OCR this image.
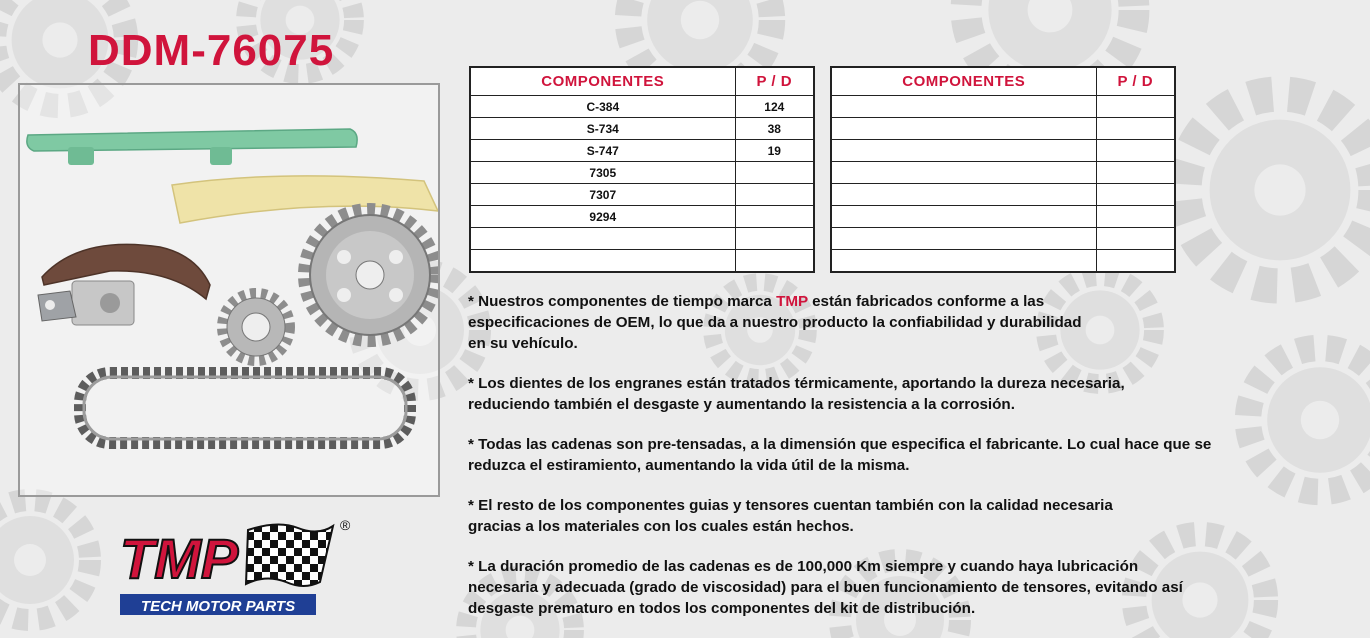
DDM-76075
COMPONENTES	P / D
C-384	124
S-734	38
S-747	19
7305	
7307	
9294	

COMPONENTES	P / D

* Nuestros componentes de tiempo marca TMP están fabricados conforme a las
especificaciones de OEM, lo que da a nuestro producto la confiabilidad y durabilidad
en su vehículo.

* Los dientes de los engranes están tratados térmicamente, aportando la dureza necesaria,
reduciendo también el desgaste y aumentando la resistencia a la corrosión.

* Todas las cadenas son pre-tensadas, a la dimensión que especifica el fabricante. Lo cual hace que se
reduzca el estiramiento, aumentando la vida útil de la misma.

* El resto de los componentes guias y tensores cuentan también con la calidad necesaria
gracias a los materiales con los cuales están hechos.

* La duración promedio de las cadenas es de 100,000 Km siempre y cuando haya lubricación
necesaria y adecuada (grado de viscosidad) para el buen funcionamiento de tensores, evitando así
desgaste prematuro en todos los componentes del kit de distribución.

TMP
®
TECH MOTOR PARTS
